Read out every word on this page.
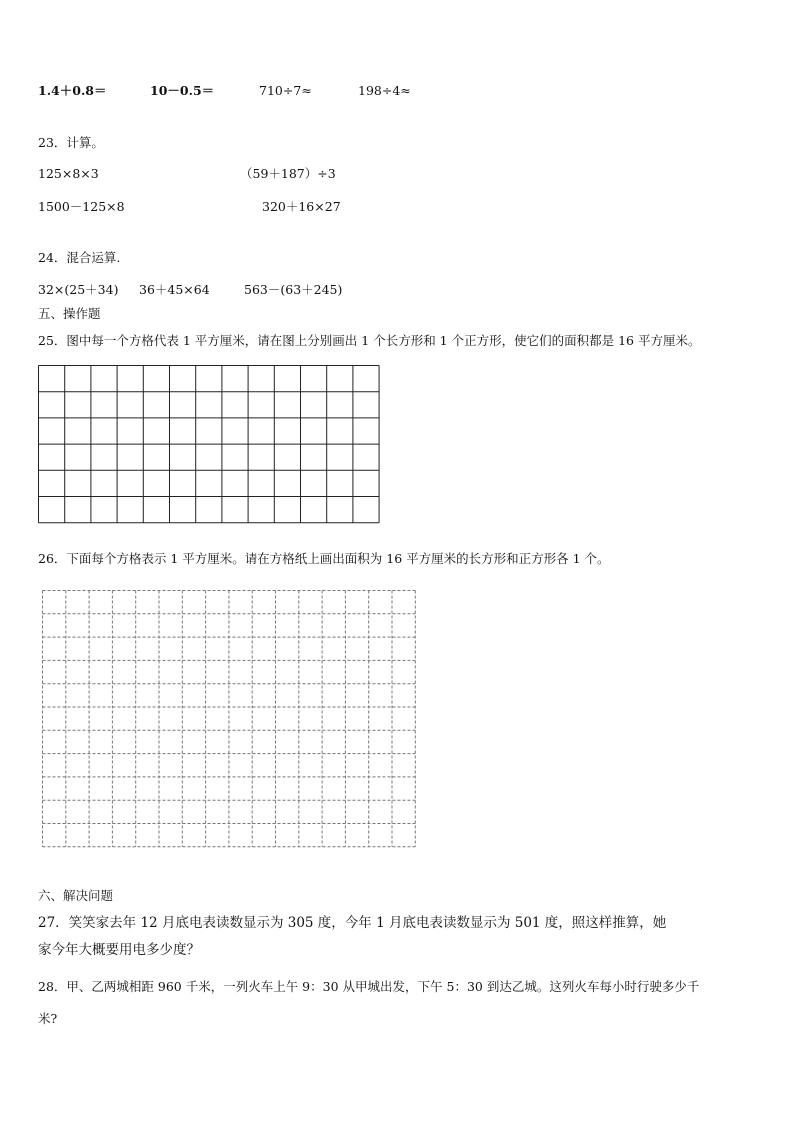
1.4＋0.8＝	10－0.5＝	710÷7≈	198÷4≈
23．计算。
125×8×3	（59＋187）÷3
1500－125×8	320＋16×27
24．混合运算.
32×(25＋34) 36＋45×64	563－(63＋245)
五、操作题
25．图中每一个方格代表 1 平方厘米，请在图上分别画出 1 个长方形和 1 个正方形，使它们的面积都是 16 平方厘米。
26．下面每个方格表示 1 平方厘米。请在方格纸上画出面积为 16 平方厘米的长方形和正方形各 1 个。
六、解决问题
27．笑笑家去年 12 月底电表读数显示为 305 度，今年 1 月底电表读数显示为 501 度，照这样推算，她
家今年大概要用电多少度？
28．甲、乙两城相距 960 千米，一列火车上午 9：30 从甲城出发，下午 5：30 到达乙城。这列火车每小时行驶多少千
米?
